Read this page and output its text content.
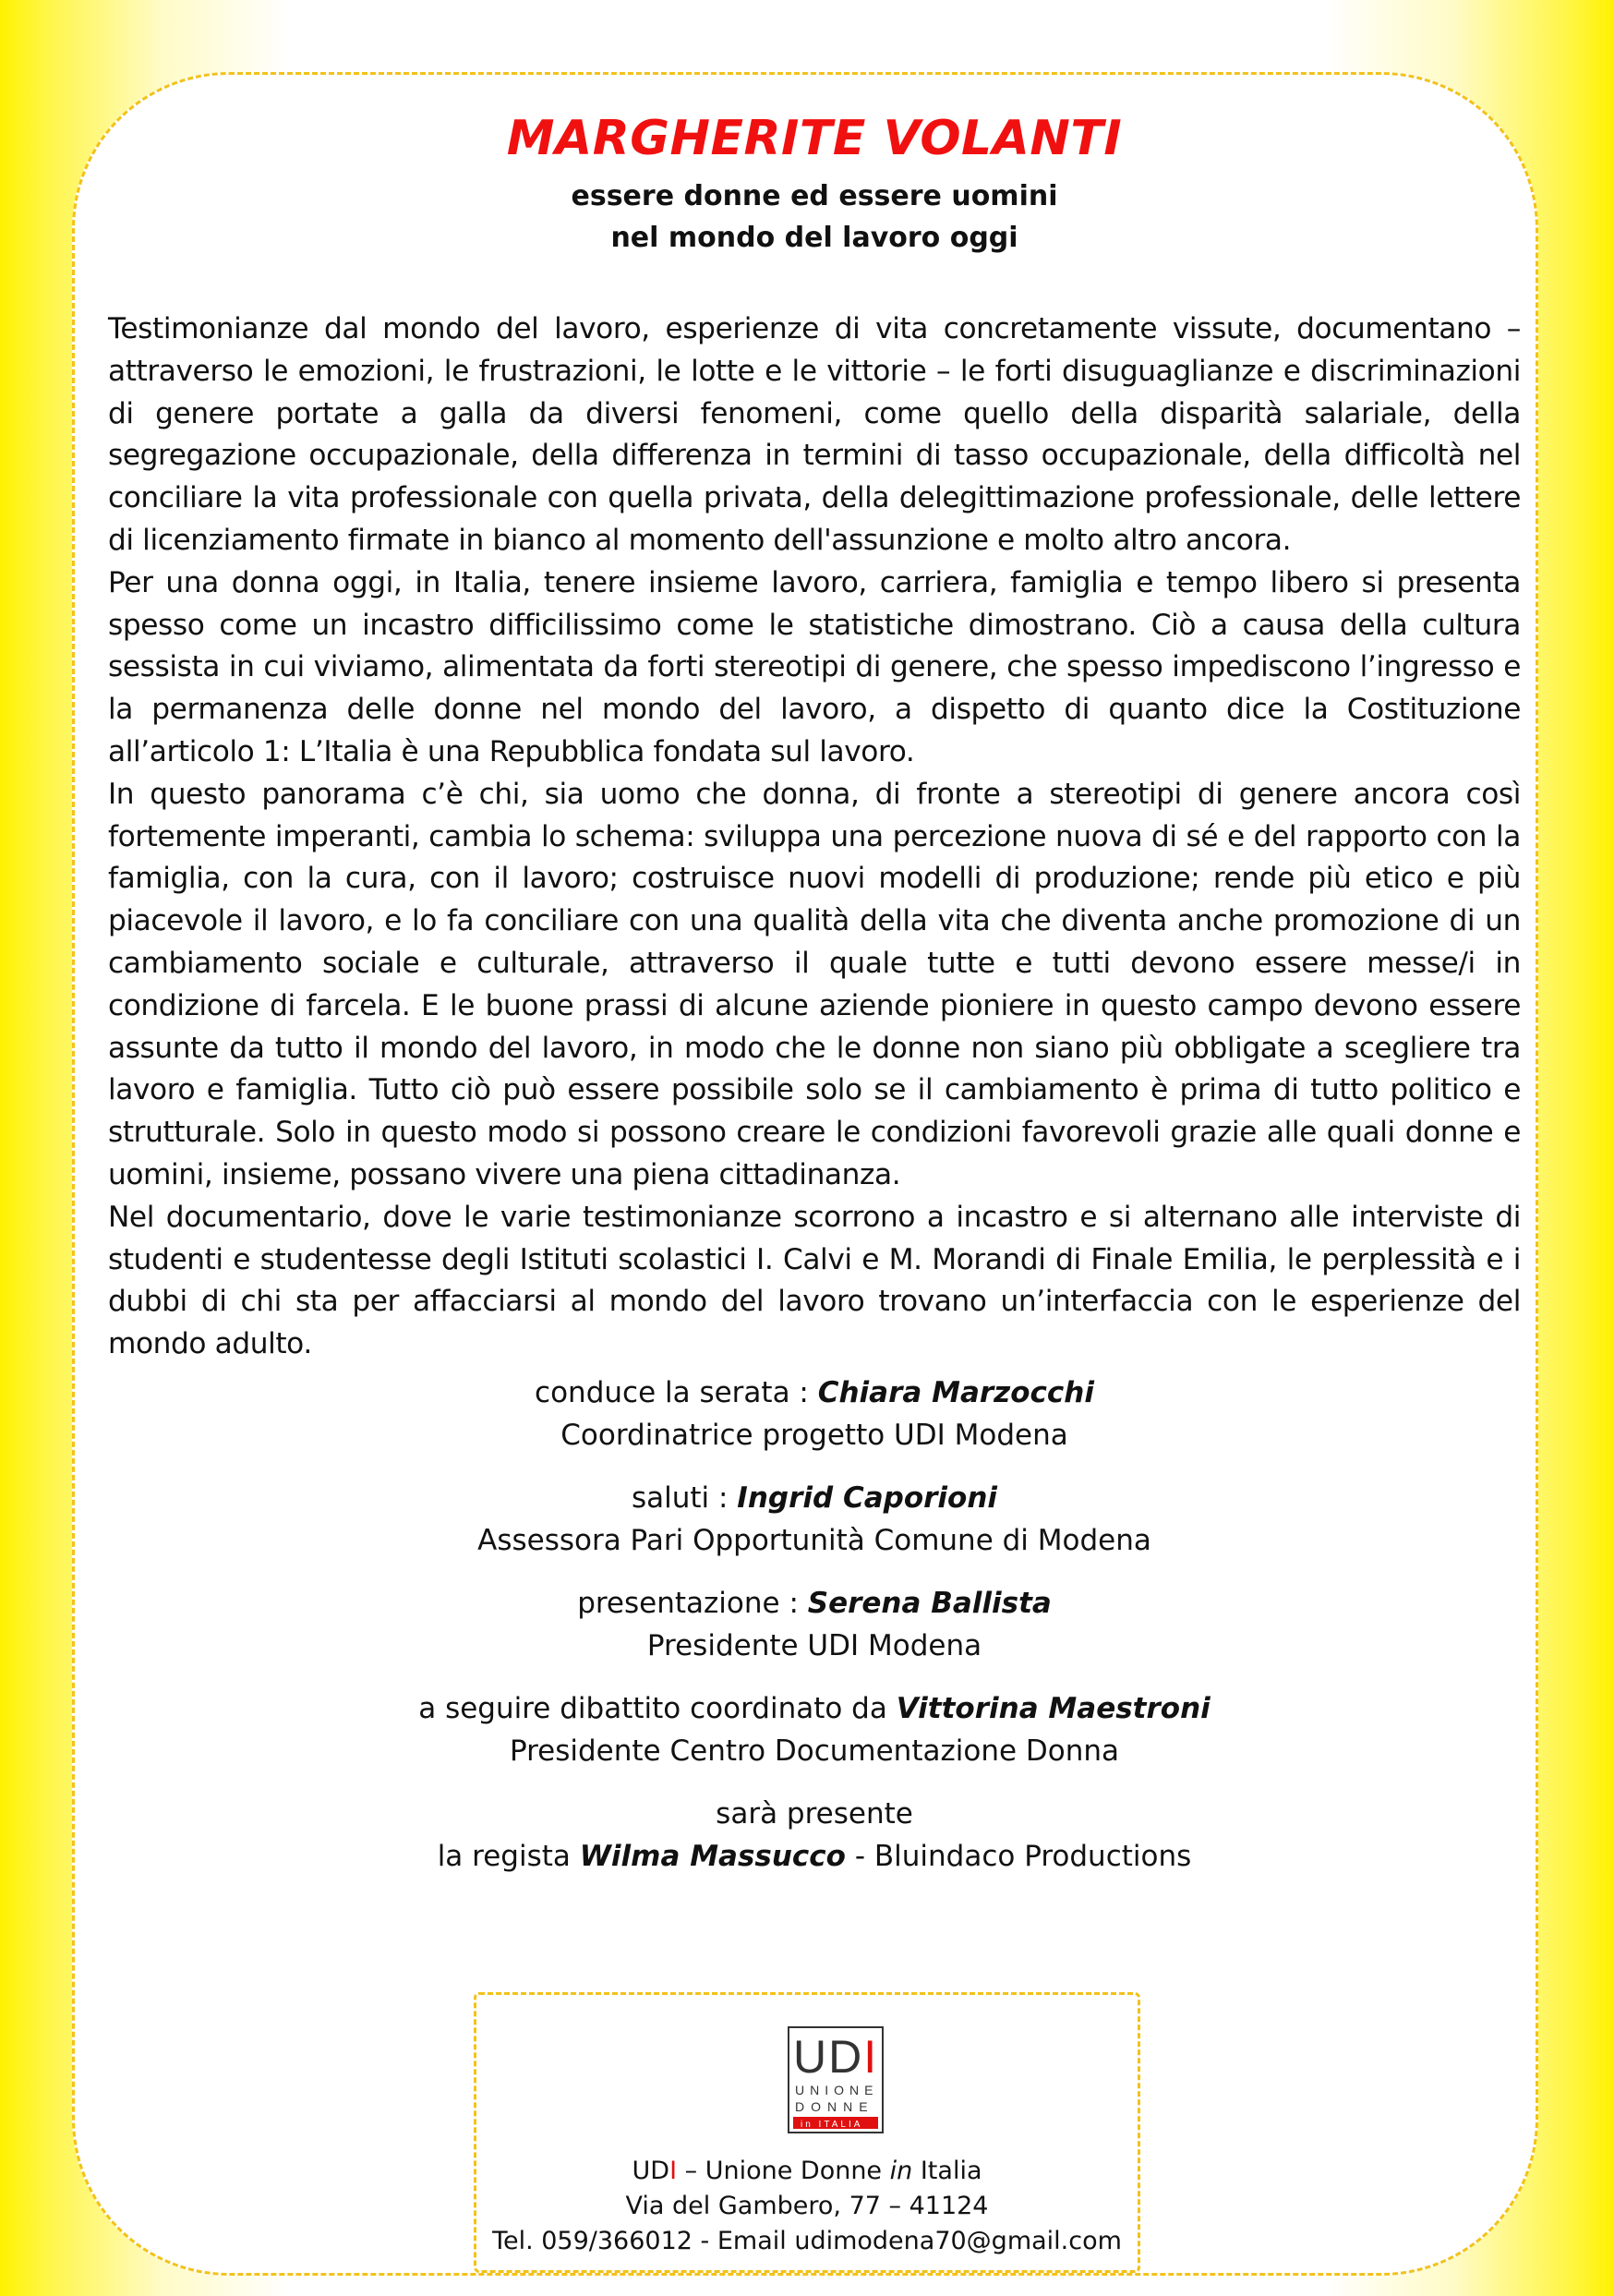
MARGHERITE VOLANTI

essere donne ed essere uomini

nel mondo del lavoro oggi

Testimonianze dal mondo del lavoro, esperienze di vita concretamente vissute, documentano – attraverso le emozioni, le frustrazioni, le lotte e le vittorie – le forti disuguaglianze e discriminazioni di genere portate a galla da diversi fenomeni, come quello della disparità salariale, della segregazione occupazionale, della differenza in termini di tasso occupazionale, della difficoltà nel conciliare la vita professionale con quella privata, della delegittimazione professionale, delle lettere di licenziamento firmate in bianco al momento dell'assunzione e molto altro ancora.

Per una donna oggi, in Italia, tenere insieme lavoro, carriera, famiglia e tempo libero si presenta spesso come un incastro difficilissimo come le statistiche dimostrano. Ciò a causa della cultura sessista in cui viviamo, alimentata da forti stereotipi di genere, che spesso impediscono l’ingresso e la permanenza delle donne nel mondo del lavoro, a dispetto di quanto dice la Costituzione all’articolo 1: L’Italia è una Repubblica fondata sul lavoro.

In questo panorama c’è chi, sia uomo che donna, di fronte a stereotipi di genere ancora così fortemente imperanti, cambia lo schema: sviluppa una percezione nuova di sé e del rapporto con la famiglia, con la cura, con il lavoro; costruisce nuovi modelli di produzione; rende più etico e più piacevole il lavoro, e lo fa conciliare con una qualità della vita che diventa anche promozione di un cambiamento sociale e culturale, attraverso il quale tutte e tutti devono essere messe/i in condizione di farcela. E le buone prassi di alcune aziende pioniere in questo campo devono essere assunte da tutto il mondo del lavoro, in modo che le donne non siano più obbligate a scegliere tra lavoro e famiglia. Tutto ciò può essere possibile solo se il cambiamento è prima di tutto politico e strutturale. Solo in questo modo si possono creare le condizioni favorevoli grazie alle quali donne e uomini, insieme, possano vivere una piena cittadinanza.

Nel documentario, dove le varie testimonianze scorrono a incastro e si alternano alle interviste di studenti e studentesse degli Istituti scolastici I. Calvi e M. Morandi di Finale Emilia, le perplessità e i dubbi di chi sta per affacciarsi al mondo del lavoro trovano un’interfaccia con le esperienze del mondo adulto.

conduce la serata : Chiara Marzocchi
Coordinatrice progetto UDI Modena
saluti : Ingrid Caporioni
Assessora Pari Opportunità Comune di Modena
presentazione : Serena Ballista
Presidente UDI Modena
a seguire dibattito coordinato da Vittorina Maestroni
Presidente Centro Documentazione Donna
sarà presente
la regista Wilma Massucco - Bluindaco Productions
UDI
UNIONE
DONNE
in ITALIA
UDI – Unione Donne in Italia
Via del Gambero, 77 – 41124
Tel. 059/366012 - Email udimodena70@gmail.com
